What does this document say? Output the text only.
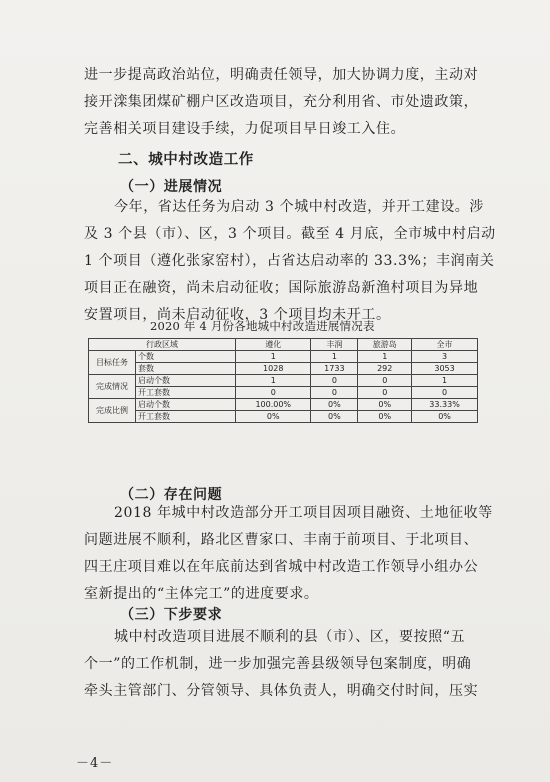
进一步提高政治站位，明确责任领导，加大协调力度，主动对
接开滦集团煤矿棚户区改造项目，充分利用省、市处遗政策，
完善相关项目建设手续，力促项目早日竣工入住。
二、城中村改造工作
（一）进展情况
今年，省达任务为启动 3 个城中村改造，并开工建设。涉
及 3 个县（市）、区，3 个项目。截至 4 月底，全市城中村启动
1 个项目（遵化张家窑村），占省达启动率的 33.3%；丰润南关
项目正在融资，尚未启动征收；国际旅游岛新渔村项目为异地
安置项目，尚未启动征收，3 个项目均未开工。
2020 年 4 月份各地城中村改造进展情况表
行政区域		遵化	丰润	旅游岛	全市
目标任务	个数	1	1	1	3
	套数	1028	1733	292	3053
完成情况	启动个数	1	0	0	1
	开工套数	0	0	0	0
完成比例	启动个数	100.00%	0%	0%	33.33%
	开工套数	0%	0%	0%	0%
（二）存在问题
2018 年城中村改造部分开工项目因项目融资、土地征收等
问题进展不顺利，路北区曹家口、丰南于前项目、于北项目、
四王庄项目难以在年底前达到省城中村改造工作领导小组办公
室新提出的“主体完工”的进度要求。
（三）下步要求
城中村改造项目进展不顺利的县（市）、区，要按照“五
个一”的工作机制，进一步加强完善县级领导包案制度，明确
牵头主管部门、分管领导、具体负责人，明确交付时间，压实
－4－
